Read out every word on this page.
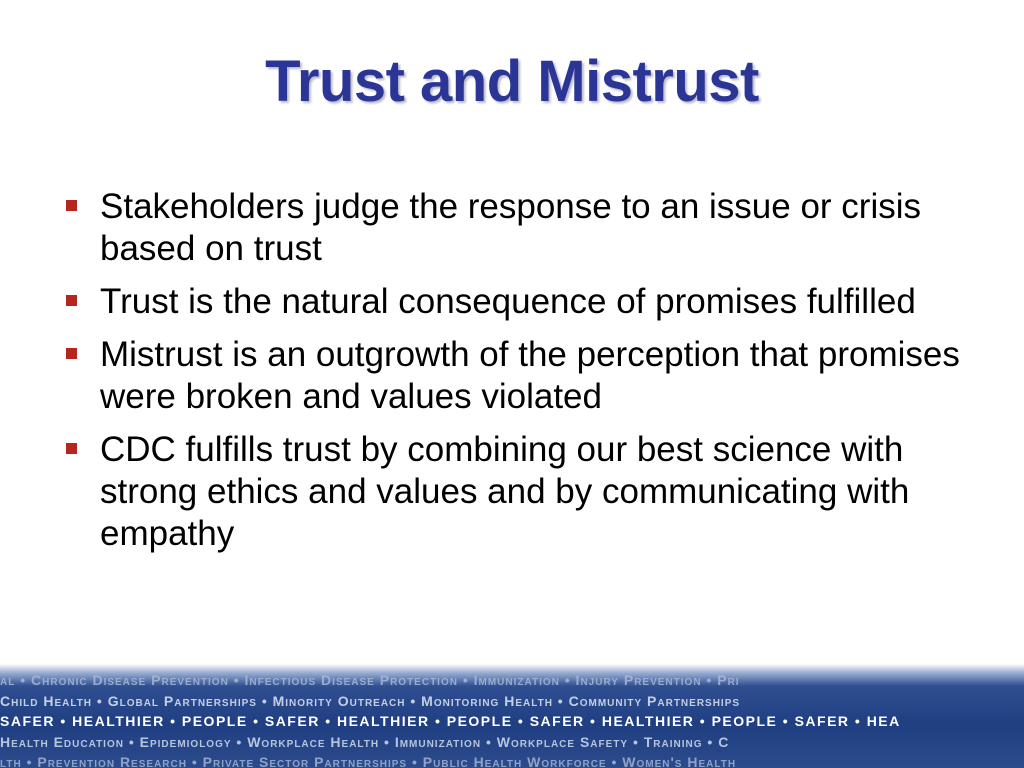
Trust and Mistrust
Stakeholders judge the response to an issue or crisis based on trust
Trust is the natural consequence of promises fulfilled
Mistrust is an outgrowth of the perception that promises were broken and values violated
CDC fulfills trust by combining our best science with strong ethics and values and by communicating with empathy
al • Chronic Disease Prevention • Infectious Disease Protection • Immunization • Injury Prevention • Pri
Child Health • Global Partnerships • Minority Outreach • Monitoring Health • Community Partnerships
SAFER • HEALTHIER • PEOPLE • SAFER • HEALTHIER • PEOPLE • SAFER • HEALTHIER • PEOPLE • SAFER • HEA
Health Education • Epidemiology • Workplace Health • Immunization • Workplace Safety • Training • C
lth • Prevention Research • Private Sector Partnerships • Public Health Workforce • Women's Health
